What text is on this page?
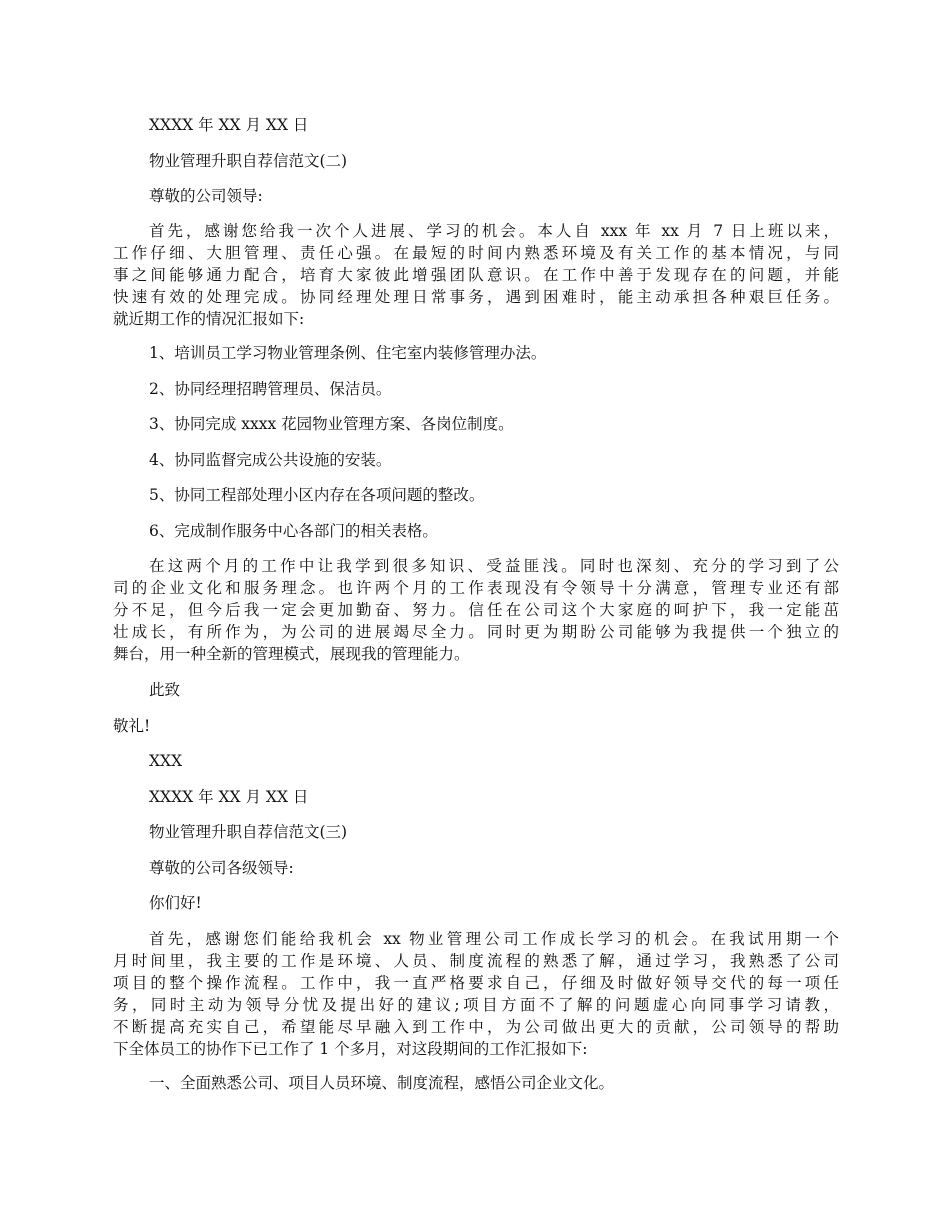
XXXX 年 XX 月 XX 日
物业管理升职自荐信范文(二)
尊敬的公司领导:
首先，感谢您给我一次个人进展、学习的机会。本人自 xxx 年 xx 月 7 日上班以来，
工作仔细、大胆管理、责任心强。在最短的时间内熟悉环境及有关工作的基本情况，与同
事之间能够通力配合，培育大家彼此增强团队意识。在工作中善于发现存在的问题，并能
快速有效的处理完成。协同经理处理日常事务，遇到困难时，能主动承担各种艰巨任务。
就近期工作的情况汇报如下:
1、培训员工学习物业管理条例、住宅室内装修管理办法。
2、协同经理招聘管理员、保洁员。
3、协同完成 xxxx 花园物业管理方案、各岗位制度。
4、协同监督完成公共设施的安装。
5、协同工程部处理小区内存在各项问题的整改。
6、完成制作服务中心各部门的相关表格。
在这两个月的工作中让我学到很多知识、受益匪浅。同时也深刻、充分的学习到了公
司的企业文化和服务理念。也许两个月的工作表现没有令领导十分满意，管理专业还有部
分不足，但今后我一定会更加勤奋、努力。信任在公司这个大家庭的呵护下，我一定能茁
壮成长，有所作为，为公司的进展竭尽全力。同时更为期盼公司能够为我提供一个独立的
舞台，用一种全新的管理模式，展现我的管理能力。
此致
敬礼!
XXX
XXXX 年 XX 月 XX 日
物业管理升职自荐信范文(三)
尊敬的公司各级领导:
你们好!
首先，感谢您们能给我机会 xx 物业管理公司工作成长学习的机会。在我试用期一个
月时间里，我主要的工作是环境、人员、制度流程的熟悉了解，通过学习，我熟悉了公司
项目的整个操作流程。工作中，我一直严格要求自己，仔细及时做好领导交代的每一项任
务，同时主动为领导分忧及提出好的建议;项目方面不了解的问题虚心向同事学习请教，
不断提高充实自己，希望能尽早融入到工作中，为公司做出更大的贡献，公司领导的帮助
下全体员工的协作下已工作了 1 个多月，对这段期间的工作汇报如下:
一、全面熟悉公司、项目人员环境、制度流程，感悟公司企业文化。
